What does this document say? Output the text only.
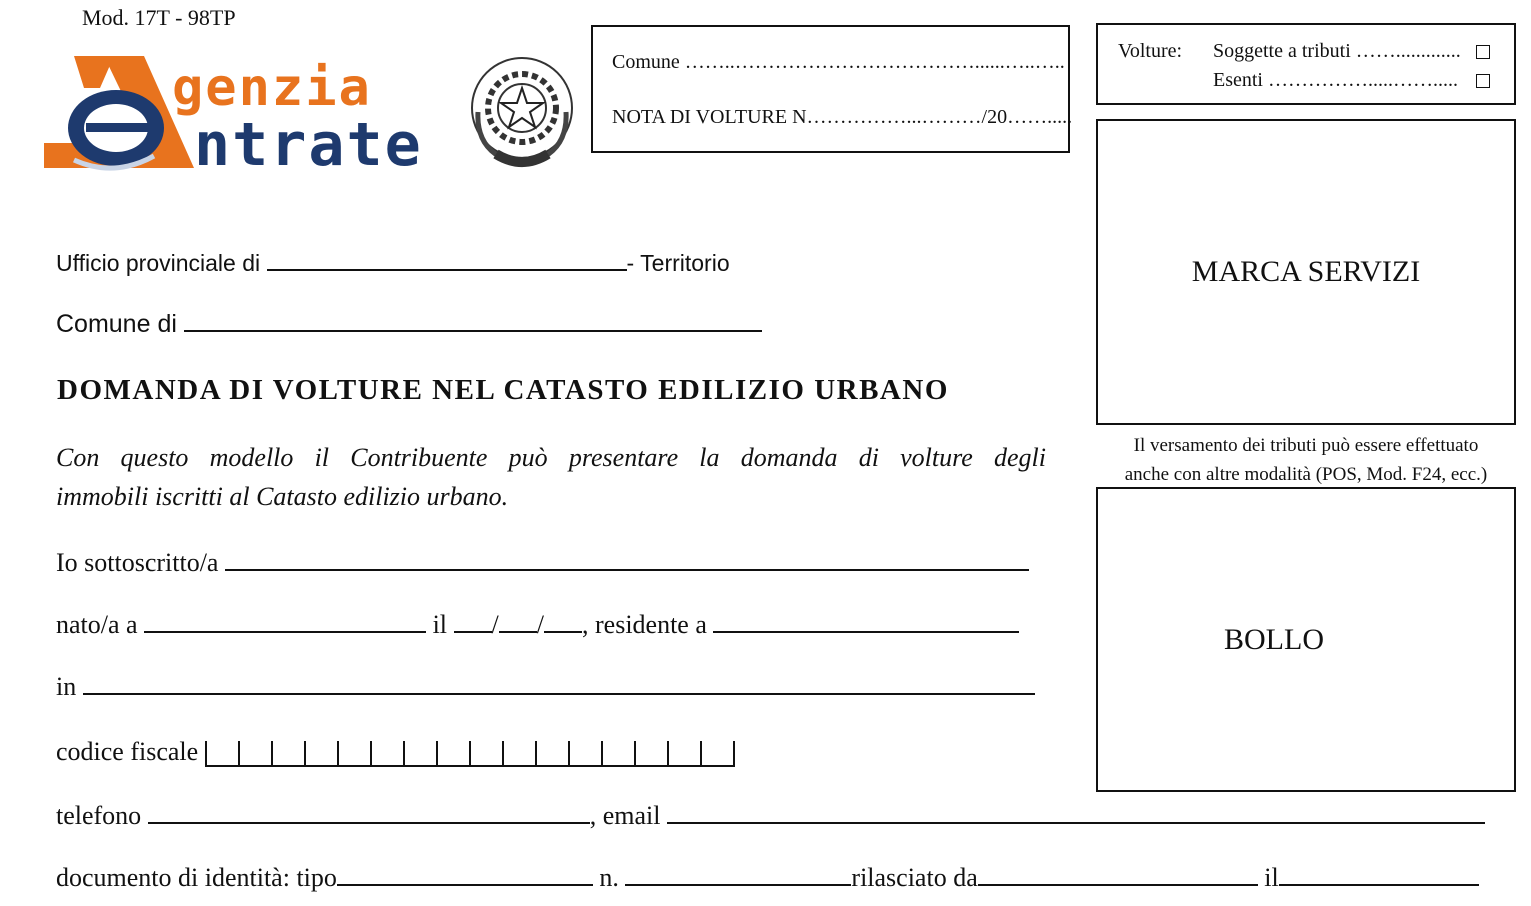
Mod. 17T - 98TP
genzia
ntrate
Comune ……..………………………………......…..…..
NOTA DI VOLTURE N……………...………/20…….....
Volture: Soggette a tributi …….............
Esenti …………….....…….....
MARCA SERVIZI
Il versamento dei tributi può essere effettuato
anche con altre modalità (POS, Mod. F24, ecc.)
BOLLO
Ufficio provinciale di	- Territorio
Comune di
DOMANDA DI VOLTURE NEL CATASTO EDILIZIO URBANO
Con questo modello il Contribuente può presentare la domanda di volture degli
immobili iscritti al Catasto edilizio urbano.
Io sottoscritto/a
nato/a a	il / / , residente a
in
codice fiscale
telefono	, email
documento di identità: tipo	n.	rilasciato da	il
